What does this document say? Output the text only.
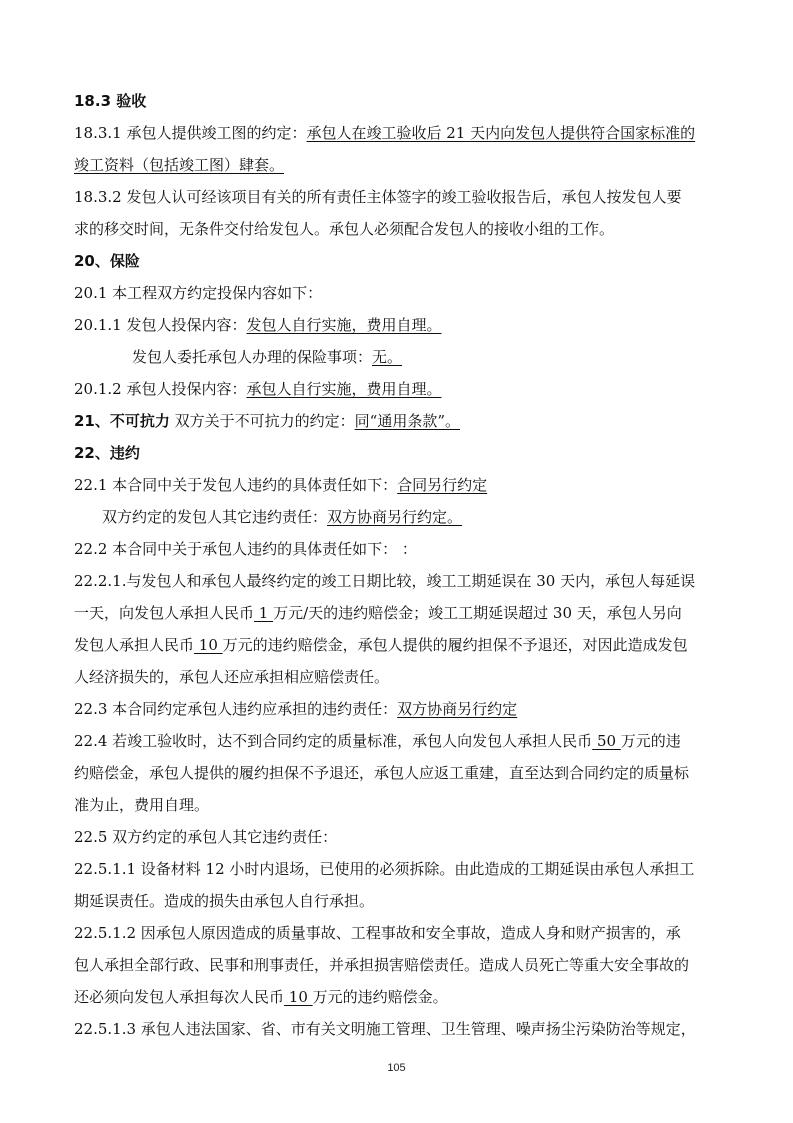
18.3 验收
18.3.1 承包人提供竣工图的约定：承包人在竣工验收后 21 天内向发包人提供符合国家标准的
竣工资料（包括竣工图）肆套。
18.3.2 发包人认可经该项目有关的所有责任主体签字的竣工验收报告后，承包人按发包人要
求的移交时间，无条件交付给发包人。承包人必须配合发包人的接收小组的工作。
20、保险
20.1 本工程双方约定投保内容如下：
20.1.1 发包人投保内容：发包人自行实施，费用自理。
发包人委托承包人办理的保险事项：无。
20.1.2 承包人投保内容：承包人自行实施，费用自理。
21、不可抗力 双方关于不可抗力的约定：同“通用条款”。
22、违约
22.1 本合同中关于发包人违约的具体责任如下：合同另行约定
双方约定的发包人其它违约责任：双方协商另行约定。
22.2 本合同中关于承包人违约的具体责任如下： ：
22.2.1.与发包人和承包人最终约定的竣工日期比较，竣工工期延误在 30 天内，承包人每延误
一天，向发包人承担人民币 1 万元/天的违约赔偿金；竣工工期延误超过 30 天，承包人另向
发包人承担人民币 10 万元的违约赔偿金，承包人提供的履约担保不予退还，对因此造成发包
人经济损失的，承包人还应承担相应赔偿责任。
22.3 本合同约定承包人违约应承担的违约责任：双方协商另行约定
22.4 若竣工验收时，达不到合同约定的质量标准，承包人向发包人承担人民币 50 万元的违
约赔偿金，承包人提供的履约担保不予退还，承包人应返工重建，直至达到合同约定的质量标
准为止，费用自理。
22.5 双方约定的承包人其它违约责任：
22.5.1.1 设备材料 12 小时内退场，已使用的必须拆除。由此造成的工期延误由承包人承担工
期延误责任。造成的损失由承包人自行承担。
22.5.1.2 因承包人原因造成的质量事故、工程事故和安全事故，造成人身和财产损害的，承
包人承担全部行政、民事和刑事责任，并承担损害赔偿责任。造成人员死亡等重大安全事故的
还必须向发包人承担每次人民币 10 万元的违约赔偿金。
22.5.1.3 承包人违法国家、省、市有关文明施工管理、卫生管理、噪声扬尘污染防治等规定，
105
